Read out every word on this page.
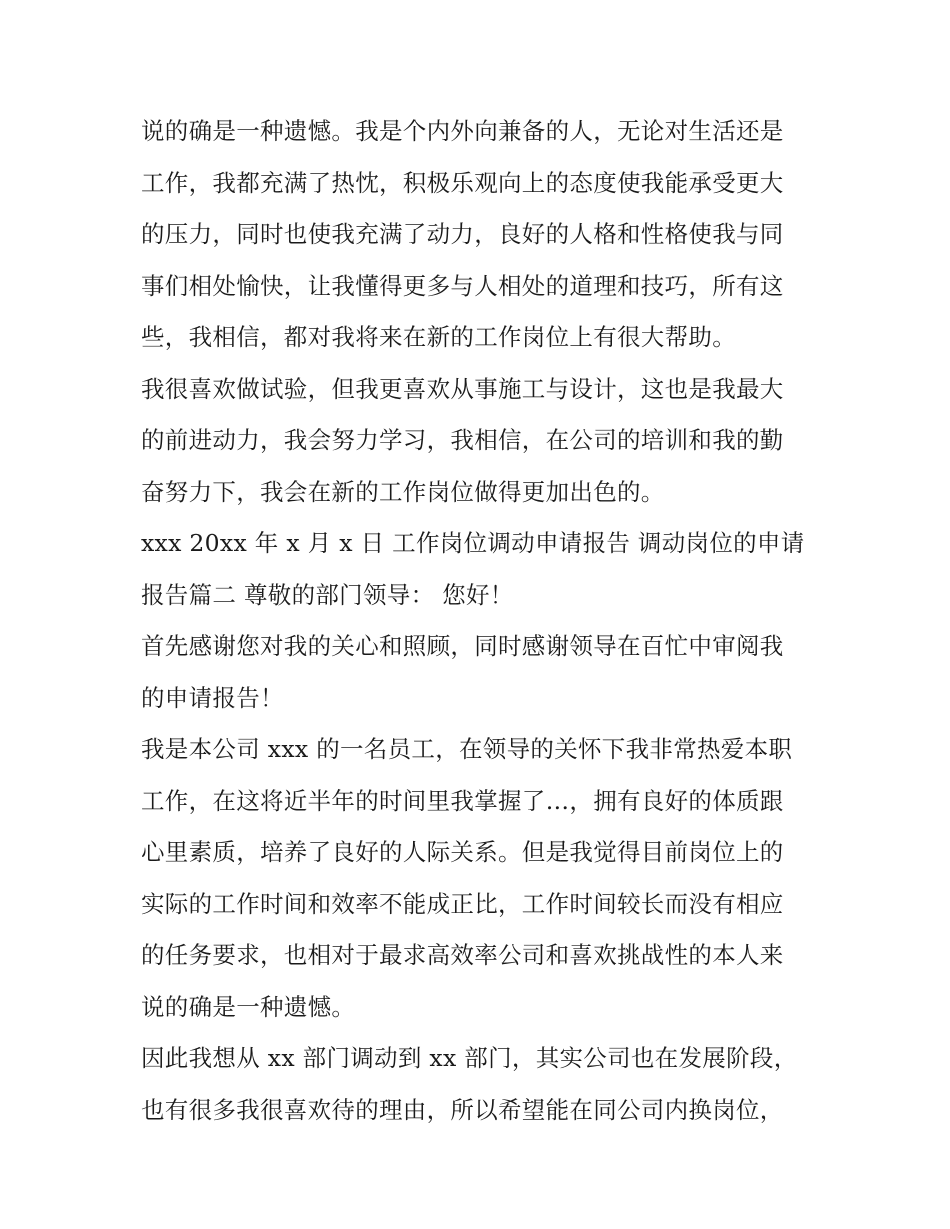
说的确是一种遗憾。我是个内外向兼备的人，无论对生活还是
工作，我都充满了热忱，积极乐观向上的态度使我能承受更大
的压力，同时也使我充满了动力，良好的人格和性格使我与同
事们相处愉快，让我懂得更多与人相处的道理和技巧，所有这
些，我相信，都对我将来在新的工作岗位上有很大帮助。

我很喜欢做试验，但我更喜欢从事施工与设计，这也是我最大
的前进动力，我会努力学习，我相信，在公司的培训和我的勤
奋努力下，我会在新的工作岗位做得更加出色的。

xxx 20xx 年 x 月 x 日 工作岗位调动申请报告 调动岗位的申请
报告篇二 尊敬的部门领导： 您好！

首先感谢您对我的关心和照顾，同时感谢领导在百忙中审阅我
的申请报告！

我是本公司 xxx 的一名员工，在领导的关怀下我非常热爱本职
工作，在这将近半年的时间里我掌握了…，拥有良好的体质跟
心里素质，培养了良好的人际关系。但是我觉得目前岗位上的
实际的工作时间和效率不能成正比，工作时间较长而没有相应
的任务要求，也相对于最求高效率公司和喜欢挑战性的本人来
说的确是一种遗憾。

因此我想从 xx 部门调动到 xx 部门，其实公司也在发展阶段，
也有很多我很喜欢待的理由，所以希望能在同公司内换岗位，
